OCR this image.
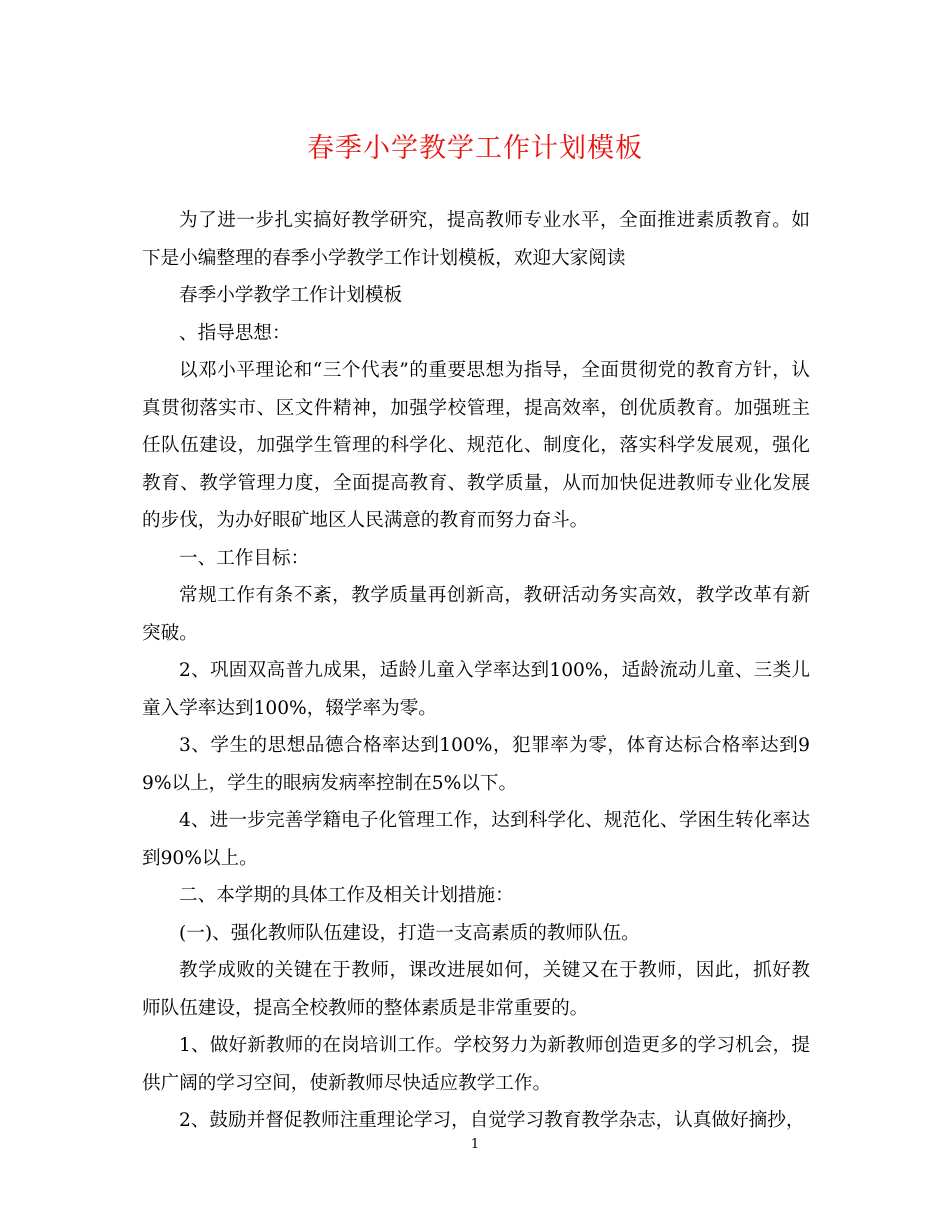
春季小学教学工作计划模板

为了进一步扎实搞好教学研究，提高教师专业水平，全面推进素质教育。如下是小编整理的春季小学教学工作计划模板，欢迎大家阅读

春季小学教学工作计划模板

、指导思想：

以邓小平理论和“三个代表”的重要思想为指导，全面贯彻党的教育方针，认真贯彻落实市、区文件精神，加强学校管理，提高效率，创优质教育。加强班主任队伍建设，加强学生管理的科学化、规范化、制度化，落实科学发展观，强化教育、教学管理力度，全面提高教育、教学质量，从而加快促进教师专业化发展的步伐，为办好眼矿地区人民满意的教育而努力奋斗。

一、工作目标：

常规工作有条不紊，教学质量再创新高，教研活动务实高效，教学改革有新突破。

2、巩固双高普九成果，适龄儿童入学率达到100%，适龄流动儿童、三类儿童入学率达到100%，辍学率为零。

3、学生的思想品德合格率达到100%，犯罪率为零，体育达标合格率达到99%以上，学生的眼病发病率控制在5%以下。

4、进一步完善学籍电子化管理工作，达到科学化、规范化、学困生转化率达到90%以上。

二、本学期的具体工作及相关计划措施：

(一)、强化教师队伍建设，打造一支高素质的教师队伍。

教学成败的关键在于教师，课改进展如何，关键又在于教师，因此，抓好教师队伍建设，提高全校教师的整体素质是非常重要的。

1、做好新教师的在岗培训工作。学校努力为新教师创造更多的学习机会，提供广阔的学习空间，使新教师尽快适应教学工作。

2、鼓励并督促教师注重理论学习，自觉学习教育教学杂志，认真做好摘抄，

1
